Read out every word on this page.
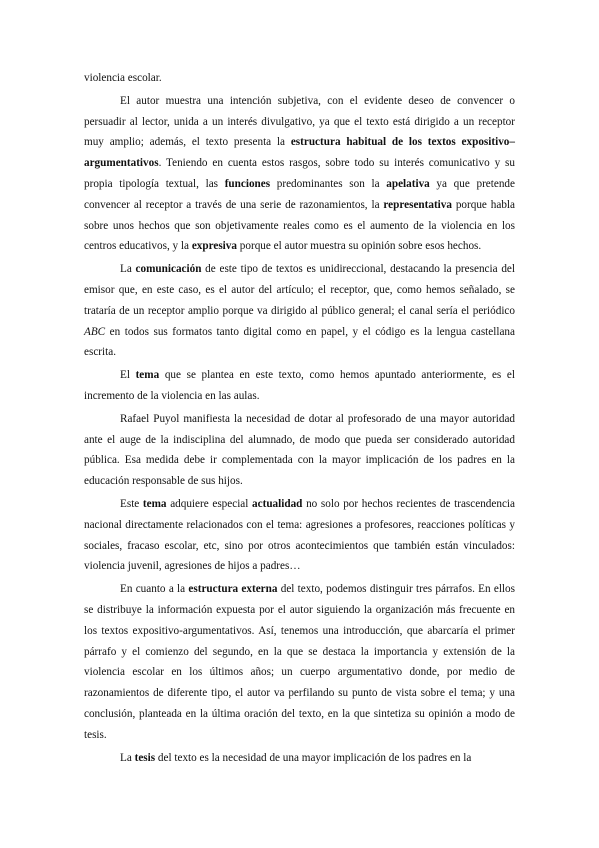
violencia escolar.

El autor muestra una intención subjetiva, con el evidente deseo de convencer o persuadir al lector, unida a un interés divulgativo, ya que el texto está dirigido a un receptor muy amplio; además, el texto presenta la estructura habitual de los textos expositivo–argumentativos. Teniendo en cuenta estos rasgos, sobre todo su interés comunicativo y su propia tipología textual, las funciones predominantes son la apelativa ya que pretende convencer al receptor a través de una serie de razonamientos, la representativa porque habla sobre unos hechos que son objetivamente reales como es el aumento de la violencia en los centros educativos, y la expresiva porque el autor muestra su opinión sobre esos hechos.

La comunicación de este tipo de textos es unidireccional, destacando la presencia del emisor que, en este caso, es el autor del artículo; el receptor, que, como hemos señalado, se trataría de un receptor amplio porque va dirigido al público general; el canal sería el periódico ABC en todos sus formatos tanto digital como en papel, y el código es la lengua castellana escrita.

El tema que se plantea en este texto, como hemos apuntado anteriormente, es el incremento de la violencia en las aulas.

Rafael Puyol manifiesta la necesidad de dotar al profesorado de una mayor autoridad ante el auge de la indisciplina del alumnado, de modo que pueda ser considerado autoridad pública. Esa medida debe ir complementada con la mayor implicación de los padres en la educación responsable de sus hijos.

Este tema adquiere especial actualidad no solo por hechos recientes de trascendencia nacional directamente relacionados con el tema: agresiones a profesores, reacciones políticas y sociales, fracaso escolar, etc, sino por otros acontecimientos que también están vinculados: violencia juvenil, agresiones de hijos a padres…

En cuanto a la estructura externa del texto, podemos distinguir tres párrafos. En ellos se distribuye la información expuesta por el autor siguiendo la organización más frecuente en los textos expositivo-argumentativos. Así, tenemos una introducción, que abarcaría el primer párrafo y el comienzo del segundo, en la que se destaca la importancia y extensión de la violencia escolar en los últimos años; un cuerpo argumentativo donde, por medio de razonamientos de diferente tipo, el autor va perfilando su punto de vista sobre el tema; y una conclusión, planteada en la última oración del texto, en la que sintetiza su opinión a modo de tesis.

La tesis del texto es la necesidad de una mayor implicación de los padres en la
